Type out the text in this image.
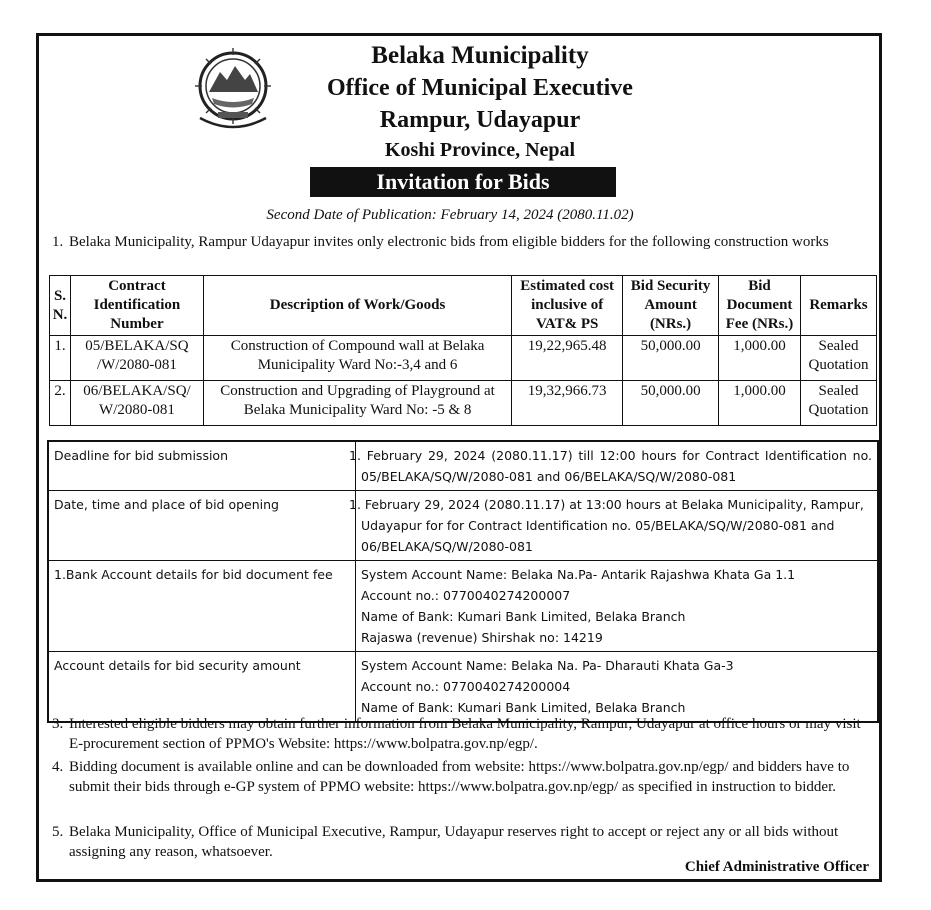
Belaka Municipality
Office of Municipal Executive
Rampur, Udayapur
Koshi Province, Nepal
Invitation for Bids
Second Date of Publication: February 14, 2024 (2080.11.02)
1. Belaka Municipality, Rampur Udayapur invites only electronic bids from eligible bidders for the following construction works
S. N.	Contract Identification Number	Description of Work/Goods	Estimated cost inclusive of VAT& PS	Bid Security Amount (NRs.)	Bid Document Fee (NRs.)	Remarks
1.	05/BELAKA/SQ /W/2080-081	Construction of Compound wall at Belaka Municipality Ward No:-3,4 and 6	19,22,965.48	50,000.00	1,000.00	Sealed Quotation
2.	06/BELAKA/SQ/ W/2080-081	Construction and Upgrading of Playground at Belaka Municipality Ward No: -5 & 8	19,32,966.73	50,000.00	1,000.00	Sealed Quotation
Deadline for bid submission	1. February 29, 2024 (2080.11.17) till 12:00 hours for Contract Identification no. 05/BELAKA/SQ/W/2080-081 and 06/BELAKA/SQ/W/2080-081
Date, time and place of bid opening	1. February 29, 2024 (2080.11.17) at 13:00 hours at Belaka Municipality, Rampur, Udayapur for for Contract Identification no. 05/BELAKA/SQ/W/2080-081 and 06/BELAKA/SQ/W/2080-081
1.Bank Account details for bid document fee	System Account Name: Belaka Na.Pa- Antarik Rajashwa Khata Ga 1.1
Account no.: 0770040274200007
Name of Bank: Kumari Bank Limited, Belaka Branch
Rajaswa (revenue) Shirshak no: 14219

Account details for bid security amount	System Account Name: Belaka Na. Pa- Dharauti Khata Ga-3
Account no.: 0770040274200004
Name of Bank: Kumari Bank Limited, Belaka Branch
3. Interested eligible bidders may obtain further information from Belaka Municipality, Rampur, Udayapur at office hours or may visit E-procurement section of PPMO's Website: https://www.bolpatra.gov.np/egp/.
4. Bidding document is available online and can be downloaded from website: https://www.bolpatra.gov.np/egp/ and bidders have to submit their bids through e-GP system of PPMO website: https://www.bolpatra.gov.np/egp/ as specified in instruction to bidder.
5. Belaka Municipality, Office of Municipal Executive, Rampur, Udayapur reserves right to accept or reject any or all bids without assigning any reason, whatsoever.
Chief Administrative Officer
